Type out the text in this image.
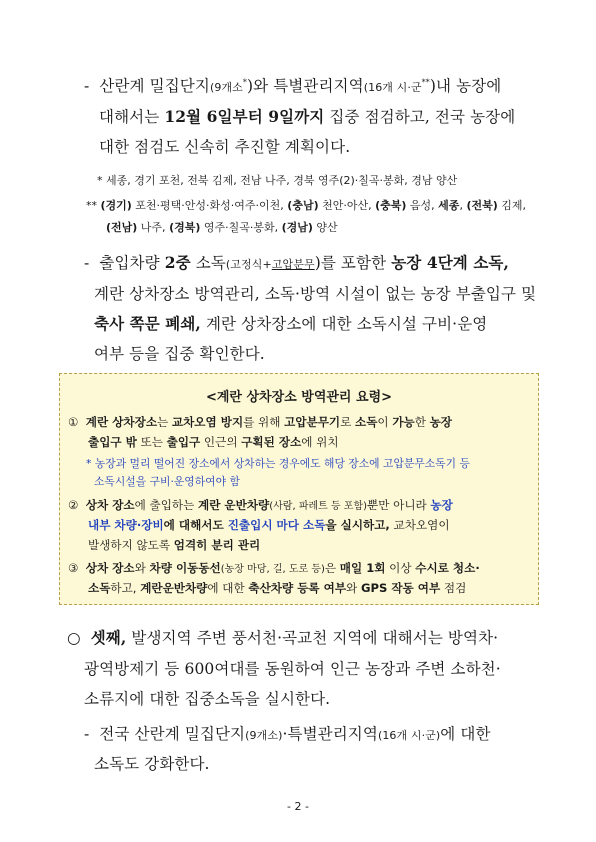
- 산란계 밀집단지(9개소*)와 특별관리지역(16개 시·군**)내 농장에
대해서는 12월 6일부터 9일까지 집중 점검하고, 전국 농장에
대한 점검도 신속히 추진할 계획이다.
* 세종, 경기 포천, 전북 김제, 전남 나주, 경북 영주(2)·칠곡·봉화, 경남 양산
** (경기) 포천·평택·안성·화성·여주·이천, (충남) 천안·아산, (충북) 음성, 세종, (전북) 김제,
(전남) 나주, (경북) 영주·칠곡·봉화, (경남) 양산
- 출입차량 2중 소독(고정식+고압분무)를 포함한 농장 4단계 소독,
계란 상차장소 방역관리, 소독·방역 시설이 없는 농장 부출입구 및
축사 쪽문 폐쇄, 계란 상차장소에 대한 소독시설 구비·운영
여부 등을 집중 확인한다.
<계란 상차장소 방역관리 요령>
① 계란 상차장소는 교차오염 방지를 위해 고압분무기로 소독이 가능한 농장
출입구 밖 또는 출입구 인근의 구획된 장소에 위치
* 농장과 멀리 떨어진 장소에서 상차하는 경우에도 해당 장소에 고압분무소독기 등
소독시설을 구비·운영하여야 함
② 상차 장소에 출입하는 계란 운반차량(사람, 파레트 등 포함)뿐만 아니라 농장
내부 차량·장비에 대해서도 진출입시 마다 소독을 실시하고, 교차오염이
발생하지 않도록 엄격히 분리 관리
③ 상차 장소와 차량 이동동선(농장 마당, 길, 도로 등)은 매일 1회 이상 수시로 청소·
소독하고, 계란운반차량에 대한 축산차량 등록 여부와 GPS 작동 여부 점검
○ 셋째, 발생지역 주변 풍서천·곡교천 지역에 대해서는 방역차·
광역방제기 등 600여대를 동원하여 인근 농장과 주변 소하천·
소류지에 대한 집중소독을 실시한다.
- 전국 산란계 밀집단지(9개소)·특별관리지역(16개 시·군)에 대한
소독도 강화한다.
- 2 -
